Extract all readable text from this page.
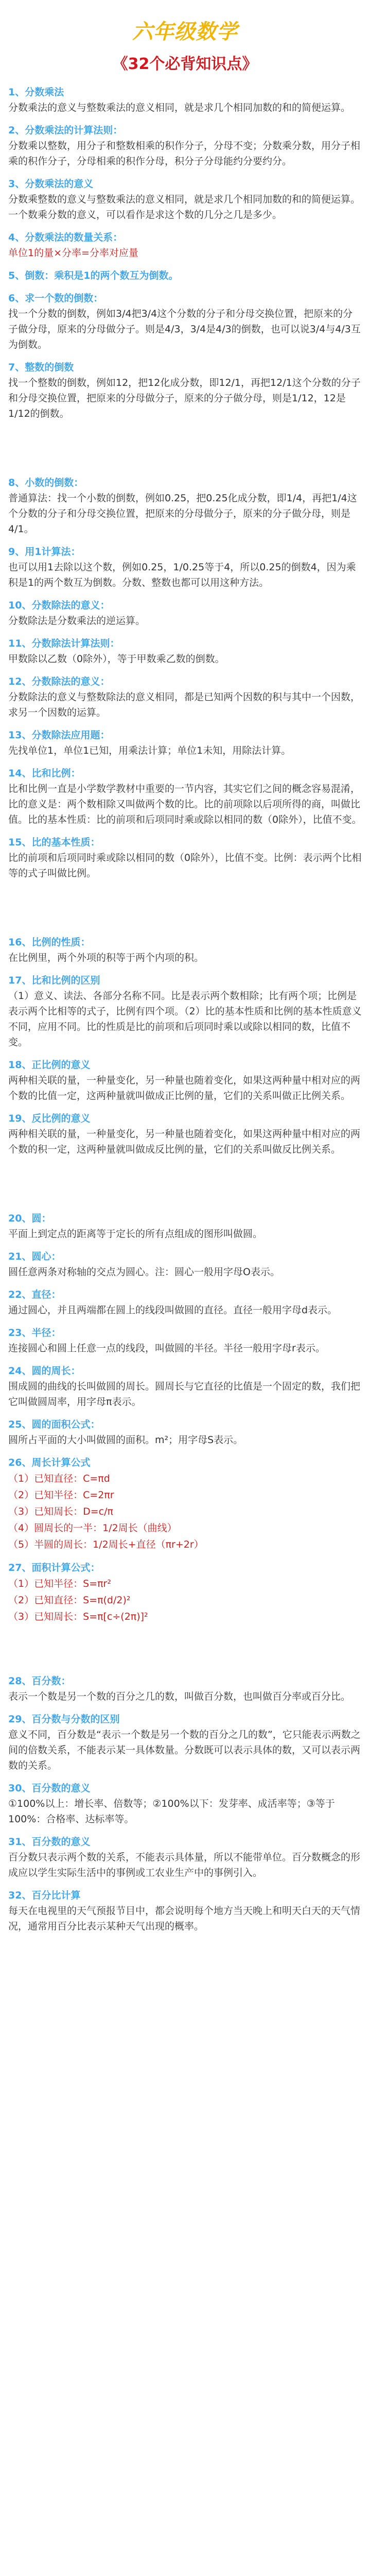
六年级数学
《32个必背知识点》
1、分数乘法

分数乘法的意义与整数乘法的意义相同，就是求几个相同加数的和的简便运算。

2、分数乘法的计算法则：

分数乘以整数，用分子和整数相乘的积作分子，分母不变；分数乘分数，用分子相乘的积作分子，分母相乘的积作分母，积分子分母能约分要约分。

3、分数乘法的意义

分数乘整数的意义与整数乘法的意义相同，就是求几个相同加数的和的简便运算。一个数乘分数的意义，可以看作是求这个数的几分之几是多少。

4、分数乘法的数量关系：

单位1的量×分率=分率对应量

5、倒数：乘积是1的两个数互为倒数。
6、求一个数的倒数：

找一个分数的倒数，例如3/4把3/4这个分数的分子和分母交换位置，把原来的分子做分母，原来的分母做分子。则是4/3，3/4是4/3的倒数，也可以说3/4与4/3互为倒数。

7、整数的倒数

找一个整数的倒数，例如12，把12化成分数，即12/1，再把12/1这个分数的分子和分母交换位置，把原来的分母做分子，原来的分子做分母，则是1/12，12是1/12的倒数。

8、小数的倒数：

普通算法：找一个小数的倒数，例如0.25，把0.25化成分数，即1/4，再把1/4这个分数的分子和分母交换位置，把原来的分母做分子，原来的分子做分母，则是4/1。

9、用1计算法：

也可以用1去除以这个数，例如0.25，1/0.25等于4，所以0.25的倒数4，因为乘积是1的两个数互为倒数。分数、整数也都可以用这种方法。

10、分数除法的意义：

分数除法是分数乘法的逆运算。

11、分数除法计算法则：

甲数除以乙数（0除外），等于甲数乘乙数的倒数。

12、分数除法的意义：

分数除法的意义与整数除法的意义相同，都是已知两个因数的积与其中一个因数，求另一个因数的运算。

13、分数除法应用题：

先找单位1，单位1已知，用乘法计算；单位1未知，用除法计算。

14、比和比例：

比和比例一直是小学数学教材中重要的一节内容，其实它们之间的概念容易混淆，比的意义是：两个数相除又叫做两个数的比。比的前项除以后项所得的商，叫做比值。比的基本性质：比的前项和后项同时乘或除以相同的数（0除外），比值不变。

15、比的基本性质：

比的前项和后项同时乘或除以相同的数（0除外），比值不变。比例：表示两个比相等的式子叫做比例。

16、比例的性质：

在比例里，两个外项的积等于两个内项的积。

17、比和比例的区别

（1）意义、读法、各部分名称不同。比是表示两个数相除；比有两个项；比例是表示两个比相等的式子，比例有四个项。（2）比的基本性质和比例的基本性质意义不同，应用不同。比的性质是比的前项和后项同时乘以或除以相同的数，比值不变。

18、正比例的意义

两种相关联的量，一种量变化，另一种量也随着变化，如果这两种量中相对应的两个数的比值一定，这两种量就叫做成正比例的量，它们的关系叫做正比例关系。

19、反比例的意义

两种相关联的量，一种量变化，另一种量也随着变化，如果这两种量中相对应的两个数的积一定，这两种量就叫做成反比例的量，它们的关系叫做反比例关系。

20、圆：

平面上到定点的距离等于定长的所有点组成的图形叫做圆。

21、圆心：

圆任意两条对称轴的交点为圆心。注：圆心一般用字母O表示。

22、直径：

通过圆心，并且两端都在圆上的线段叫做圆的直径。直径一般用字母d表示。

23、半径：

连接圆心和圆上任意一点的线段，叫做圆的半径。半径一般用字母r表示。

24、圆的周长：

围成圆的曲线的长叫做圆的周长。圆周长与它直径的比值是一个固定的数，我们把它叫做圆周率，用字母π表示。

25、圆的面积公式：

圆所占平面的大小叫做圆的面积。m²；用字母S表示。

26、周长计算公式
（1）已知直径：C=πd
（2）已知半径：C=2πr
（3）已知周长：D=c/π
（4）圆周长的一半：1/2周长（曲线）
（5）半圆的周长：1/2周长+直径（πr+2r）
27、面积计算公式：
（1）已知半径：S=πr²
（2）已知直径：S=π(d/2)²
（3）已知周长：S=π[c÷(2π)]²
28、百分数：

表示一个数是另一个数的百分之几的数，叫做百分数，也叫做百分率或百分比。

29、百分数与分数的区别

意义不同，百分数是“表示一个数是另一个数的百分之几的数”，它只能表示两数之间的倍数关系，不能表示某一具体数量。分数既可以表示具体的数，又可以表示两数的关系。

30、百分数的意义

①100%以上：增长率、倍数等；②100%以下：发芽率、成活率等；③等于100%：合格率、达标率等。

31、百分数的意义

百分数只表示两个数的关系，不能表示具体量，所以不能带单位。百分数概念的形成应以学生实际生活中的事例或工农业生产中的事例引入。

32、百分比计算

每天在电视里的天气预报节目中，都会说明每个地方当天晚上和明天白天的天气情况，通常用百分比表示某种天气出现的概率。
